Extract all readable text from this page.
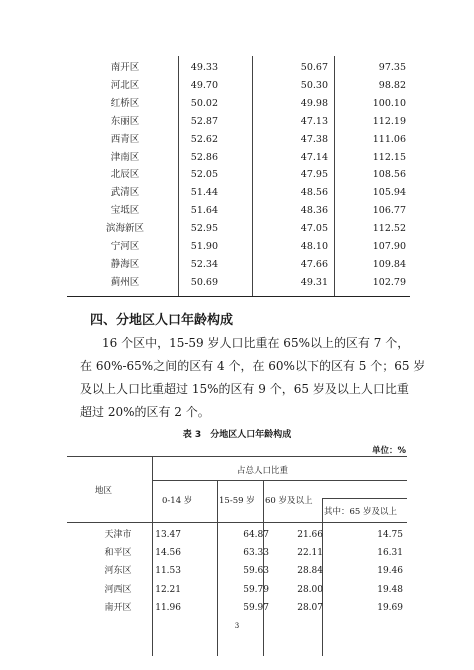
南开区	49.33	50.67	97.35
河北区	49.70	50.30	98.82
红桥区	50.02	49.98	100.10
东丽区	52.87	47.13	112.19
西青区	52.62	47.38	111.06
津南区	52.86	47.14	112.15
北辰区	52.05	47.95	108.56
武清区	51.44	48.56	105.94
宝坻区	51.64	48.36	106.77
滨海新区	52.95	47.05	112.52
宁河区	51.90	48.10	107.90
静海区	52.34	47.66	109.84
蓟州区	50.69	49.31	102.79
四、分地区人口年龄构成
16 个区中，15-59 岁人口比重在 65%以上的区有 7 个，
在 60%-65%之间的区有 4 个，在 60%以下的区有 5 个；65 岁
及以上人口比重超过 15%的区有 9 个，65 岁及以上人口比重
超过 20%的区有 2 个。
表 3　分地区人口年龄构成
单位：%
地区
占总人口比重
0-14 岁	15-59 岁 60 岁及以上
其中：65 岁及以上
天津市	13.47	64.87	21.66	14.75
和平区	14.56	63.33	22.11	16.31
河东区	11.53	59.63	28.84	19.46
河西区	12.21	59.79	28.00	19.48
南开区	11.96	59.97	28.07	19.69
3
